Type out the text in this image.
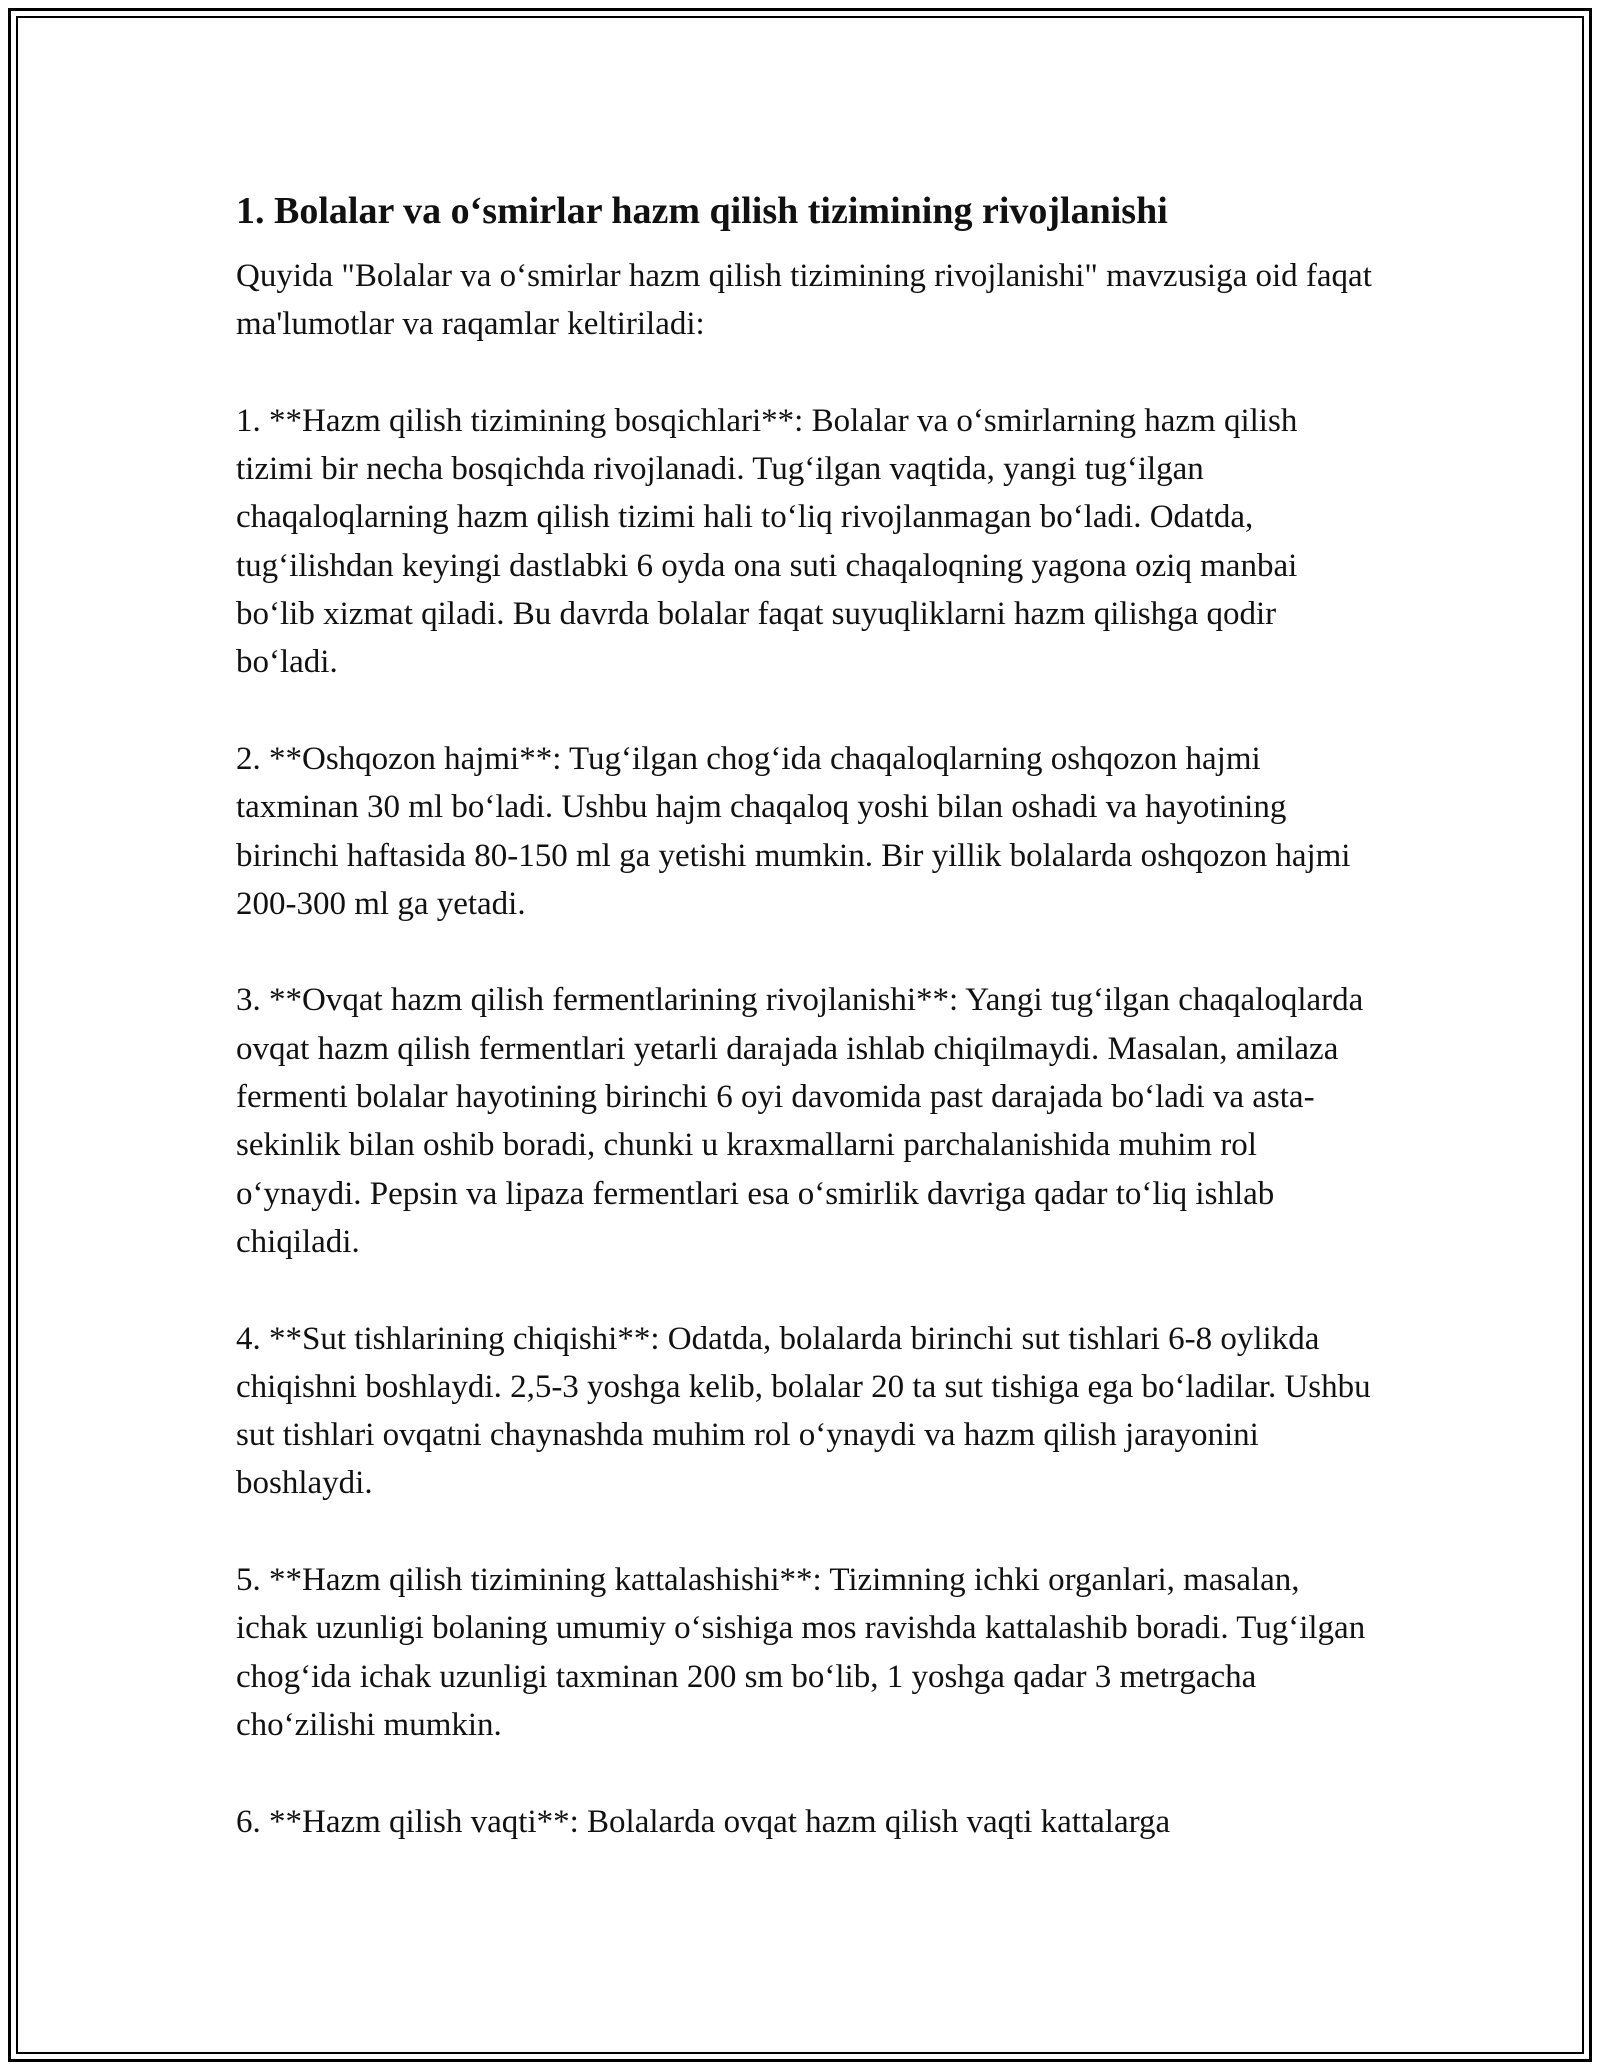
1. Bolalar va o‘smirlar hazm qilish tizimining rivojlanishi

Quyida "Bolalar va o‘smirlar hazm qilish tizimining rivojlanishi" mavzusiga oid faqat ma'lumotlar va raqamlar keltiriladi:

1. **Hazm qilish tizimining bosqichlari**: Bolalar va o‘smirlarning hazm qilish tizimi bir necha bosqichda rivojlanadi. Tug‘ilgan vaqtida, yangi tug‘ilgan chaqaloqlarning hazm qilish tizimi hali to‘liq rivojlanmagan bo‘ladi. Odatda, tug‘ilishdan keyingi dastlabki 6 oyda ona suti chaqaloqning yagona oziq manbai bo‘lib xizmat qiladi. Bu davrda bolalar faqat suyuqliklarni hazm qilishga qodir bo‘ladi.

2. **Oshqozon hajmi**: Tug‘ilgan chog‘ida chaqaloqlarning oshqozon hajmi taxminan 30 ml bo‘ladi. Ushbu hajm chaqaloq yoshi bilan oshadi va hayotining birinchi haftasida 80-150 ml ga yetishi mumkin. Bir yillik bolalarda oshqozon hajmi 200-300 ml ga yetadi.

3. **Ovqat hazm qilish fermentlarining rivojlanishi**: Yangi tug‘ilgan chaqaloqlarda ovqat hazm qilish fermentlari yetarli darajada ishlab chiqilmaydi. Masalan, amilaza fermenti bolalar hayotining birinchi 6 oyi davomida past darajada bo‘ladi va asta-sekinlik bilan oshib boradi, chunki u kraxmallarni parchalanishida muhim rol o‘ynaydi. Pepsin va lipaza fermentlari esa o‘smirlik davriga qadar to‘liq ishlab chiqiladi.

4. **Sut tishlarining chiqishi**: Odatda, bolalarda birinchi sut tishlari 6-8 oylikda chiqishni boshlaydi. 2,5-3 yoshga kelib, bolalar 20 ta sut tishiga ega bo‘ladilar. Ushbu sut tishlari ovqatni chaynashda muhim rol o‘ynaydi va hazm qilish jarayonini boshlaydi.

5. **Hazm qilish tizimining kattalashishi**: Tizimning ichki organlari, masalan, ichak uzunligi bolaning umumiy o‘sishiga mos ravishda kattalashib boradi. Tug‘ilgan chog‘ida ichak uzunligi taxminan 200 sm bo‘lib, 1 yoshga qadar 3 metrgacha cho‘zilishi mumkin.

6. **Hazm qilish vaqti**: Bolalarda ovqat hazm qilish vaqti kattalarga
